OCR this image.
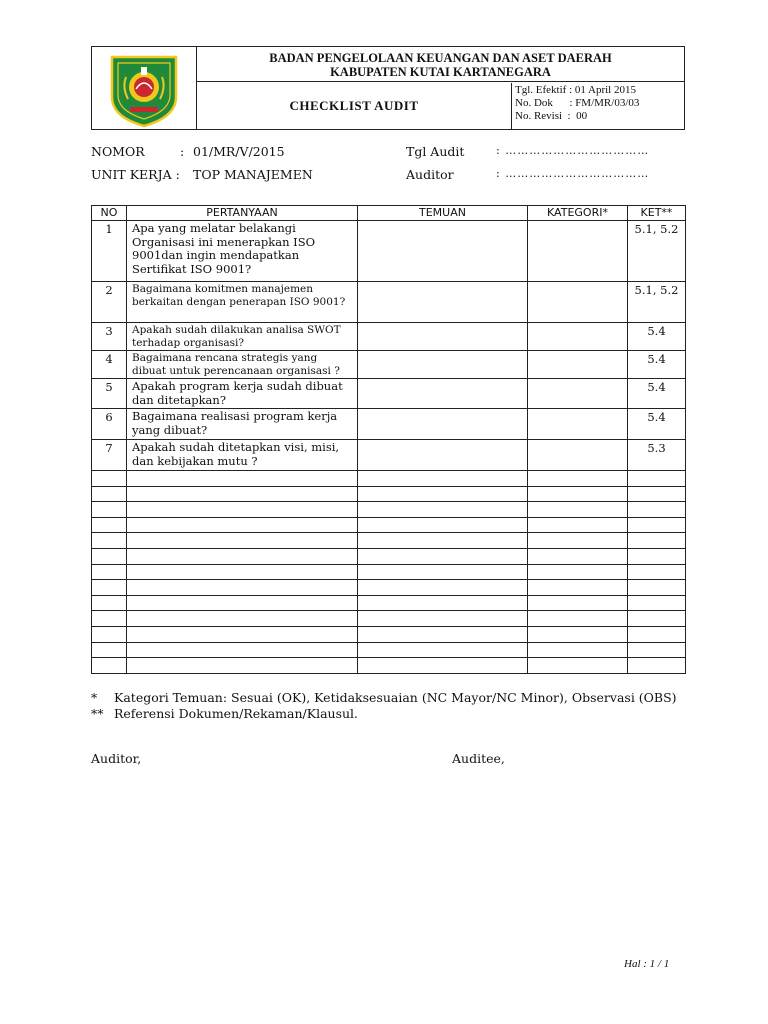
BADAN PENGELOLAAN KEUANGAN DAN ASET DAERAH
KABUPATEN KUTAI KARTANEGARA
CHECKLIST AUDIT
Tgl. Efektif : 01 April 2015
No. Dok      : FM/MR/03/03
No. Revisi  :  00
NOMOR	: 01/MR/V/2015
UNIT KERJA : TOP MANAJEMEN
Tgl Audit	: ………………………………
Auditor	: ………………………………
NO	PERTANYAAN	TEMUAN	KATEGORI*	KET**
1	Apa yang melatar belakangi Organisasi ini menerapkan ISO 9001dan ingin mendapatkan Sertifikat ISO 9001?			5.1, 5.2
2	Bagaimana komitmen manajemen berkaitan dengan penerapan ISO 9001?			5.1, 5.2
3	Apakah sudah dilakukan analisa SWOT terhadap organisasi?			5.4
4	Bagaimana rencana strategis yang dibuat untuk perencanaan organisasi ?			5.4
5	Apakah program kerja sudah dibuat dan ditetapkan?			5.4
6	Bagaimana realisasi program kerja yang dibuat?			5.4
7	Apakah sudah ditetapkan visi, misi, dan kebijakan mutu ?			5.3

* Kategori Temuan: Sesuai (OK), Ketidaksesuaian (NC Mayor/NC Minor), Observasi (OBS)
** Referensi Dokumen/Rekaman/Klausul.
Auditor,	Auditee,
Hal : 1 / 1
